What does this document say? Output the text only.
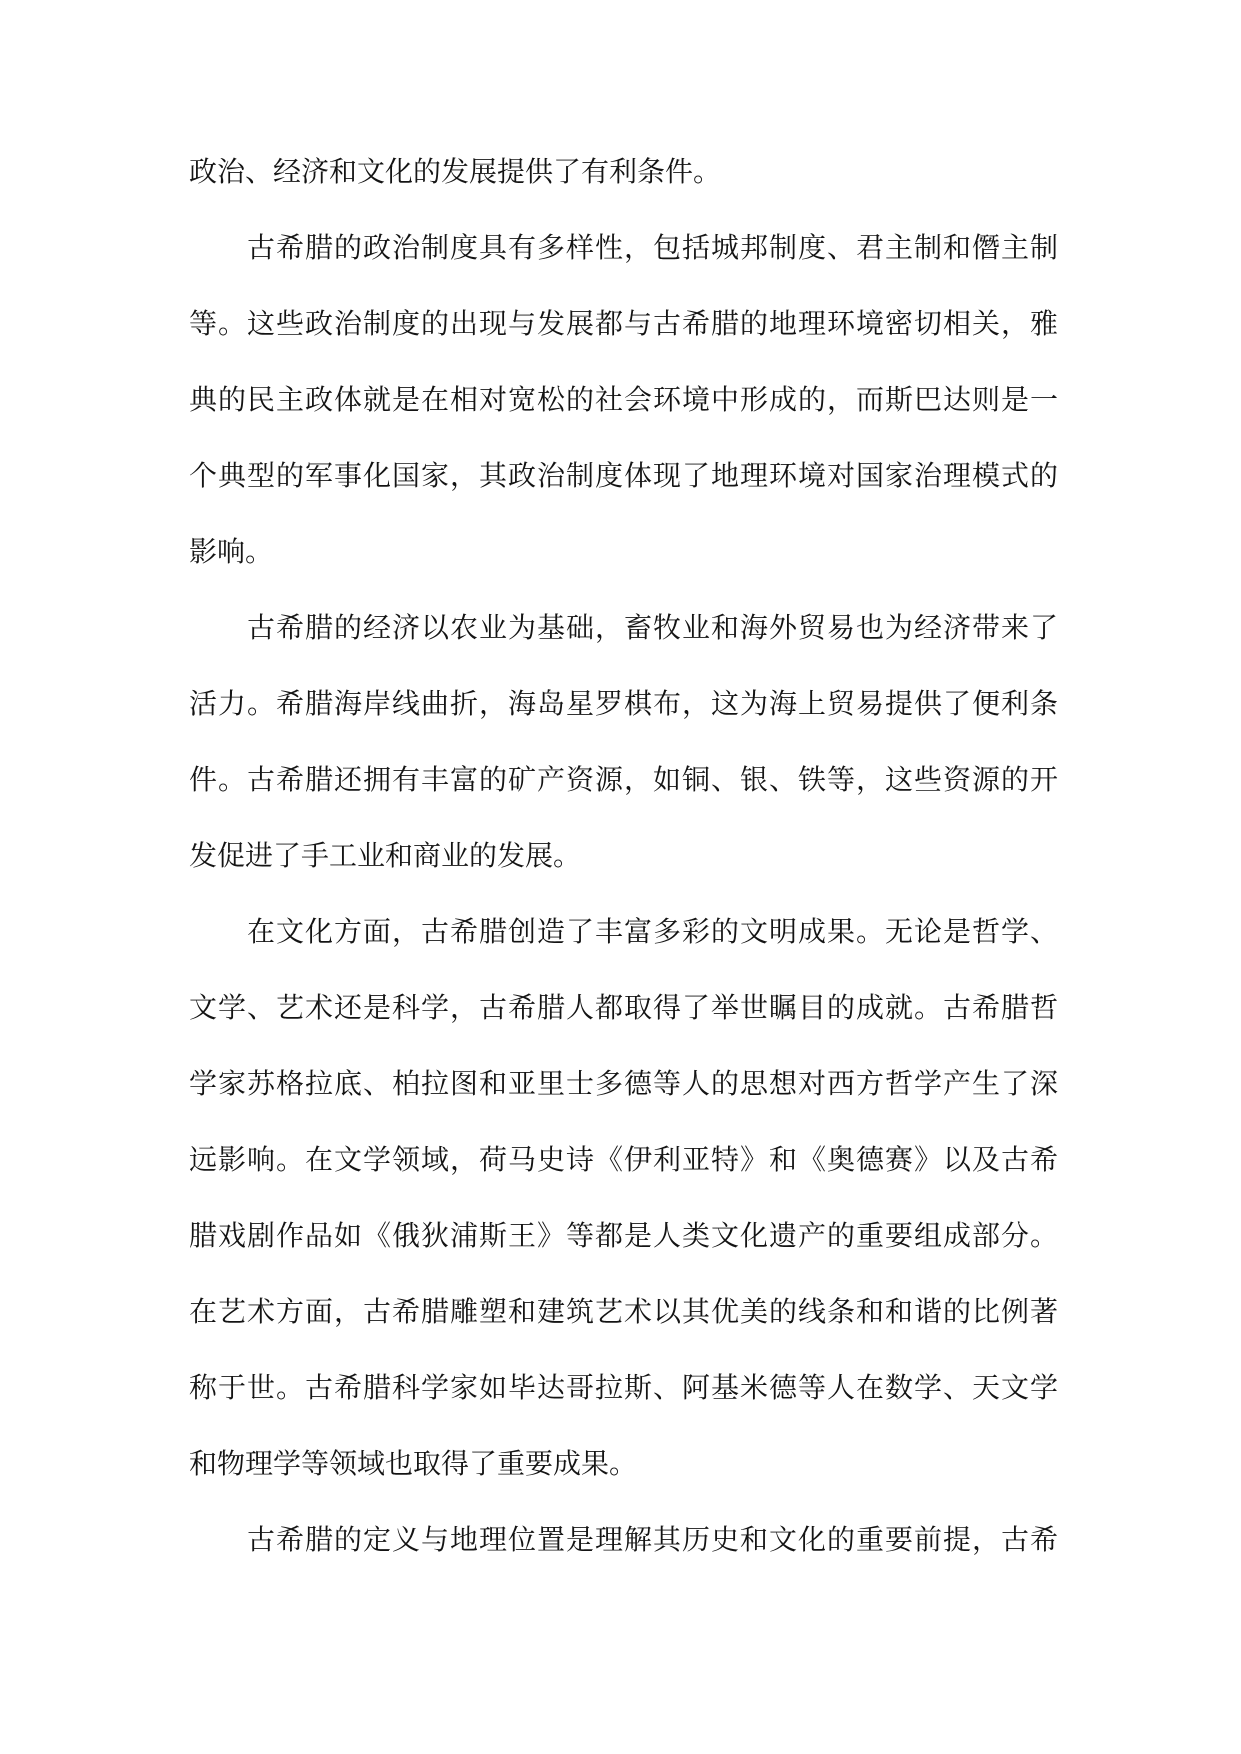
政治、经济和文化的发展提供了有利条件。
古希腊的政治制度具有多样性，包括城邦制度、君主制和僭主制
等。这些政治制度的出现与发展都与古希腊的地理环境密切相关，雅
典的民主政体就是在相对宽松的社会环境中形成的，而斯巴达则是一
个典型的军事化国家，其政治制度体现了地理环境对国家治理模式的
影响。
古希腊的经济以农业为基础，畜牧业和海外贸易也为经济带来了
活力。希腊海岸线曲折，海岛星罗棋布，这为海上贸易提供了便利条
件。古希腊还拥有丰富的矿产资源，如铜、银、铁等，这些资源的开
发促进了手工业和商业的发展。
在文化方面，古希腊创造了丰富多彩的文明成果。无论是哲学、
文学、艺术还是科学，古希腊人都取得了举世瞩目的成就。古希腊哲
学家苏格拉底、柏拉图和亚里士多德等人的思想对西方哲学产生了深
远影响。在文学领域，荷马史诗《伊利亚特》和《奥德赛》以及古希
腊戏剧作品如《俄狄浦斯王》等都是人类文化遗产的重要组成部分。
在艺术方面，古希腊雕塑和建筑艺术以其优美的线条和和谐的比例著
称于世。古希腊科学家如毕达哥拉斯、阿基米德等人在数学、天文学
和物理学等领域也取得了重要成果。
古希腊的定义与地理位置是理解其历史和文化的重要前提，古希
